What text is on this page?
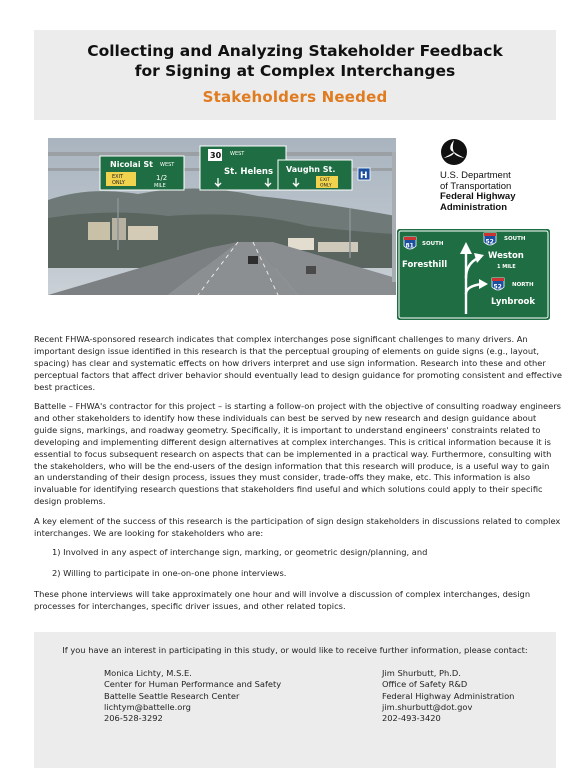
Collecting and Analyzing Stakeholder Feedback
for Signing at Complex Interchanges
Stakeholders Needed
Nicolai St WEST
EXIT
ONLY
1/2
MILE
30 WEST
St. Helens Vaughn St.
EXIT
ONLY
H	U.S. Department
of Transportation
Federal Highway
Administration
81 SOUTH
Foresthill
52 SOUTH
Weston
1 MILE
52 NORTH
Lynbrook

Recent FHWA-sponsored research indicates that complex interchanges pose significant challenges to many drivers. An important design issue identified in this research is that the perceptual grouping of elements on guide signs (e.g., layout, spacing) has clear and systematic effects on how drivers interpret and use sign information. Research into these and other perceptual factors that affect driver behavior should eventually lead to design guidance for promoting consistent and effective best practices.

Battelle – FHWA's contractor for this project – is starting a follow-on project with the objective of consulting roadway engineers and other stakeholders to identify how these individuals can best be served by new research and design guidance about guide signs, markings, and roadway geometry. Specifically, it is important to understand engineers' constraints related to developing and implementing different design alternatives at complex interchanges. This is critical information because it is essential to focus subsequent research on aspects that can be implemented in a practical way. Furthermore, consulting with the stakeholders, who will be the end-users of the design information that this research will produce, is a useful way to gain an understanding of their design process, issues they must consider, trade-offs they make, etc. This information is also invaluable for identifying research questions that stakeholders find useful and which solutions could apply to their specific design problems.

A key element of the success of this research is the participation of sign design stakeholders in discussions related to complex interchanges. We are looking for stakeholders who are:

1) Involved in any aspect of interchange sign, marking, or geometric design/planning, and
2) Willing to participate in one-on-one phone interviews.

These phone interviews will take approximately one hour and will involve a discussion of complex interchanges, design processes for interchanges, specific driver issues, and other related topics.

If you have an interest in participating in this study, or would like to receive further information, please contact:
Monica Lichty, M.S.E.
Center for Human Performance and Safety
Battelle Seattle Research Center
lichtym@battelle.org
206-528-3292
Jim Shurbutt, Ph.D.
Office of Safety R&D
Federal Highway Administration
jim.shurbutt@dot.gov
202-493-3420
